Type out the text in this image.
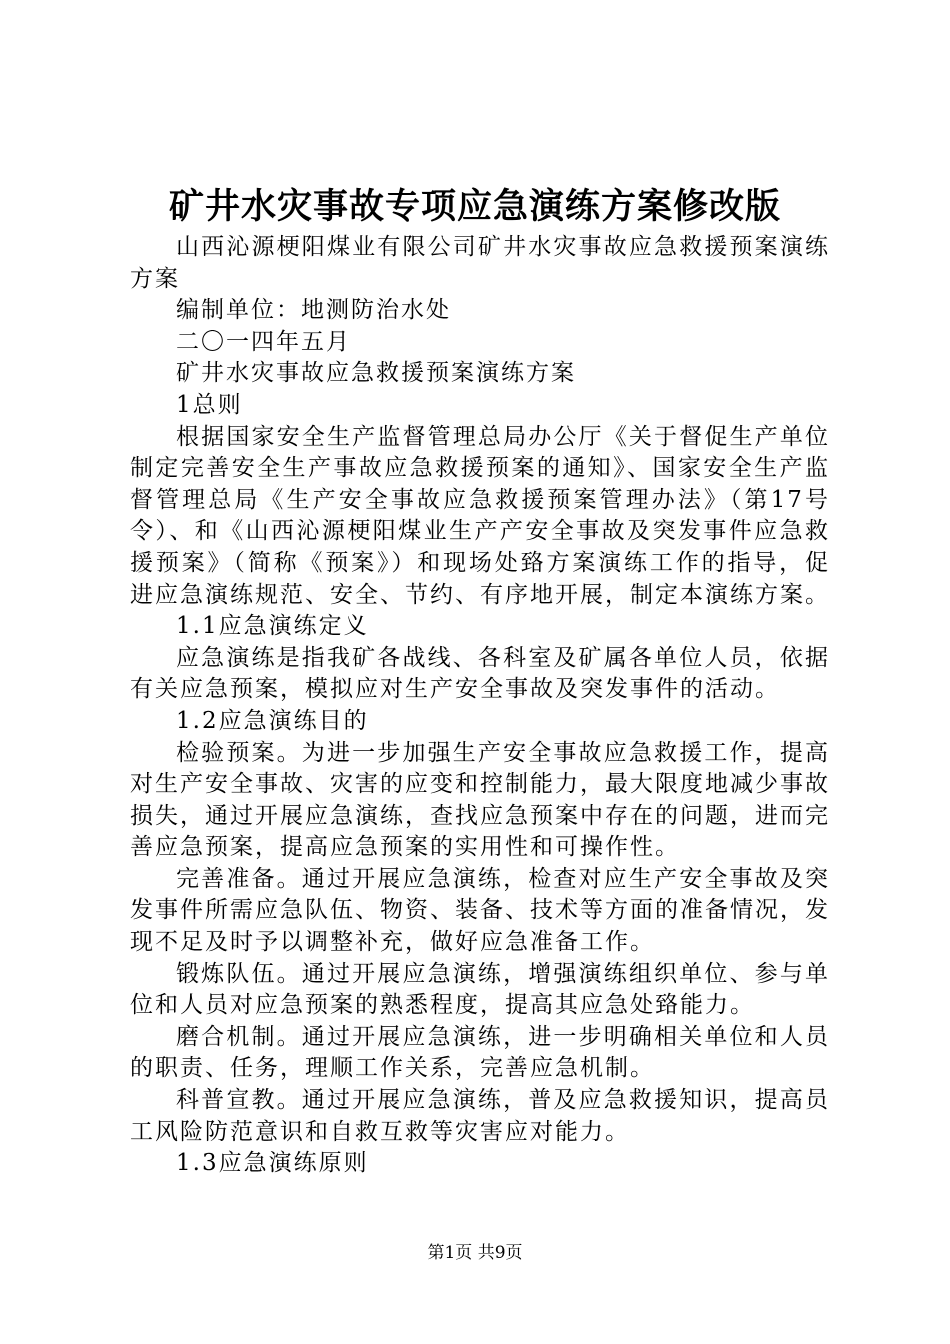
矿井水灾事故专项应急演练方案修改版

山西沁源梗阳煤业有限公司矿井水灾事故应急救援预案演练方案

编制单位：地测防治水处

二〇一四年五月

矿井水灾事故应急救援预案演练方案

1总则

根据国家安全生产监督管理总局办公厅《关于督促生产单位制定完善安全生产事故应急救援预案的通知》、国家安全生产监督管理总局《生产安全事故应急救援预案管理办法》（第17号令）、和《山西沁源梗阳煤业生产产安全事故及突发事件应急救援预案》（简称《预案》）和现场处臵方案演练工作的指导，促进应急演练规范、安全、节约、有序地开展，制定本演练方案。

1.1应急演练定义

应急演练是指我矿各战线、各科室及矿属各单位人员，依据有关应急预案，模拟应对生产安全事故及突发事件的活动。

1.2应急演练目的

检验预案。为进一步加强生产安全事故应急救援工作，提高对生产安全事故、灾害的应变和控制能力，最大限度地减少事故损失，通过开展应急演练，查找应急预案中存在的问题，进而完善应急预案，提高应急预案的实用性和可操作性。

完善准备。通过开展应急演练，检查对应生产安全事故及突发事件所需应急队伍、物资、装备、技术等方面的准备情况，发现不足及时予以调整补充，做好应急准备工作。

锻炼队伍。通过开展应急演练，增强演练组织单位、参与单位和人员对应急预案的熟悉程度，提高其应急处臵能力。

磨合机制。通过开展应急演练，进一步明确相关单位和人员的职责、任务，理顺工作关系，完善应急机制。

科普宣教。通过开展应急演练，普及应急救援知识，提高员工风险防范意识和自救互救等灾害应对能力。

1.3应急演练原则

第1页 共9页
